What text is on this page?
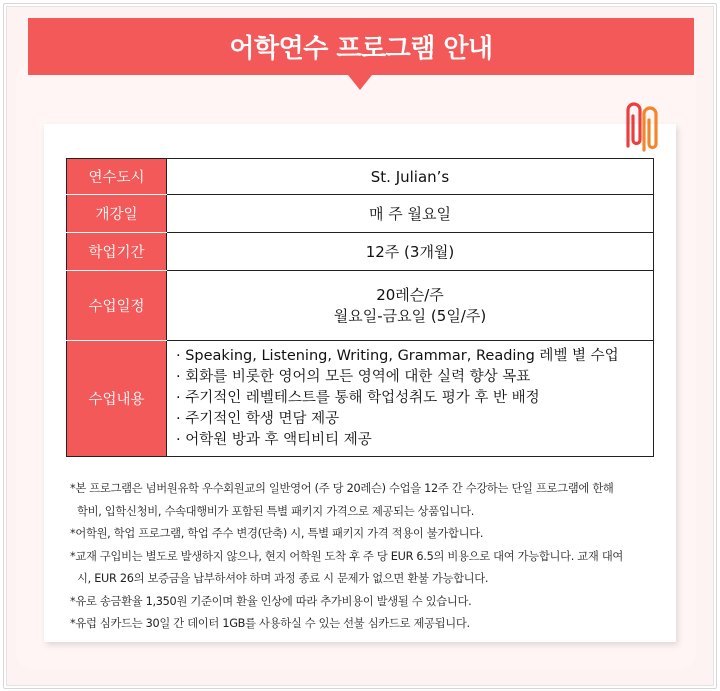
어학연수 프로그램 안내
연수도시	St. Julian’s
개강일	매 주 월요일
학업기간	12주 (3개월)
수업일정	20레슨/주
월요일-금요일 (5일/주)

수업내용	· Speaking, Listening, Writing, Grammar, Reading 레벨 별 수업
· 회화를 비롯한 영어의 모든 영역에 대한 실력 향상 목표
· 주기적인 레벨테스트를 통해 학업성취도 평가 후 반 배정
· 주기적인 학생 면담 제공
· 어학원 방과 후 액티비티 제공
*본 프로그램은 넘버원유학 우수회원교의 일반영어 (주 당 20레슨) 수업을 12주 간 수강하는 단일 프로그램에 한해
학비, 입학신청비, 수속대행비가 포함된 특별 패키지 가격으로 제공되는 상품입니다.
*어학원, 학업 프로그램, 학업 주수 변경(단축) 시, 특별 패키지 가격 적용이 불가합니다.
*교재 구입비는 별도로 발생하지 않으나, 현지 어학원 도착 후 주 당 EUR 6.5의 비용으로 대여 가능합니다. 교재 대여
시, EUR 26의 보증금을 납부하셔야 하며 과정 종료 시 문제가 없으면 환불 가능합니다.
*유로 송금환율 1,350원 기준이며 환율 인상에 따라 추가비용이 발생될 수 있습니다.
*유럽 심카드는 30일 간 데이터 1GB를 사용하실 수 있는 선불 심카드로 제공됩니다.
